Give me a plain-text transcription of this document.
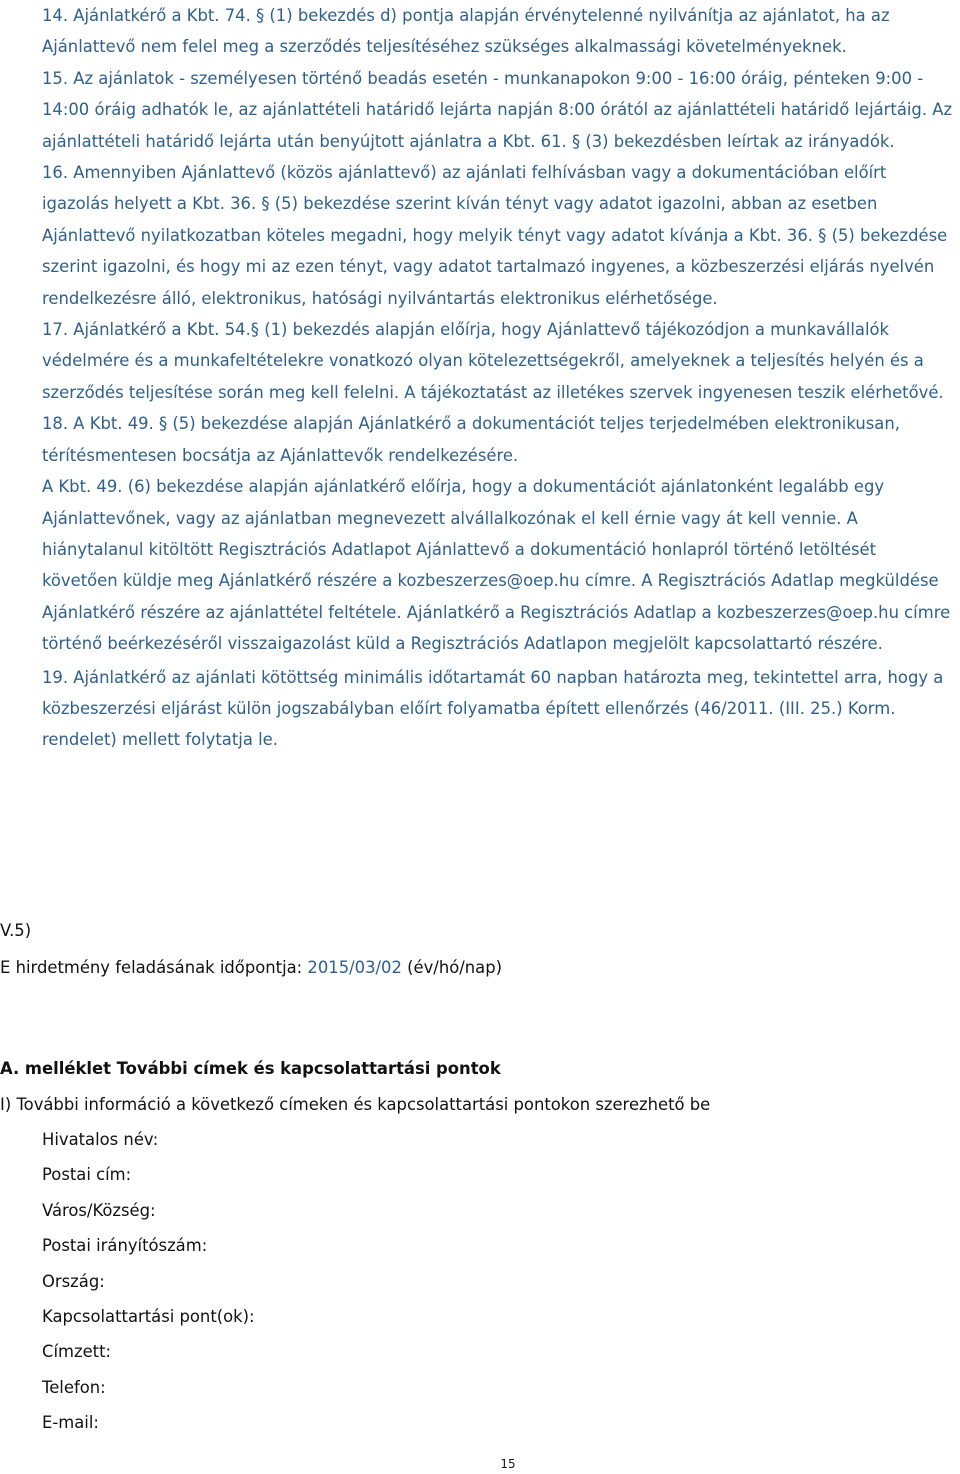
14. Ajánlatkérő a Kbt. 74. § (1) bekezdés d) pontja alapján érvénytelenné nyilvánítja az ajánlatot, ha az Ajánlattevő nem felel meg a szerződés teljesítéséhez szükséges alkalmassági követelményeknek.

15. Az ajánlatok - személyesen történő beadás esetén - munkanapokon 9:00 - 16:00 óráig, pénteken 9:00 - 14:00 óráig adhatók le, az ajánlattételi határidő lejárta napján 8:00 órától az ajánlattételi határidő lejártáig. Az ajánlattételi határidő lejárta után benyújtott ajánlatra a Kbt. 61. § (3) bekezdésben leírtak az irányadók.

16. Amennyiben Ajánlattevő (közös ajánlattevő) az ajánlati felhívásban vagy a dokumentációban előírt igazolás helyett a Kbt. 36. § (5) bekezdése szerint kíván tényt vagy adatot igazolni, abban az esetben Ajánlattevő nyilatkozatban köteles megadni, hogy melyik tényt vagy adatot kívánja a Kbt. 36. § (5) bekezdése szerint igazolni, és hogy mi az ezen tényt, vagy adatot tartalmazó ingyenes, a közbeszerzési eljárás nyelvén rendelkezésre álló, elektronikus, hatósági nyilvántartás elektronikus elérhetősége.

17. Ajánlatkérő a Kbt. 54.§ (1) bekezdés alapján előírja, hogy Ajánlattevő tájékozódjon a munkavállalók védelmére és a munkafeltételekre vonatkozó olyan kötelezettségekről, amelyeknek a teljesítés helyén és a szerződés teljesítése során meg kell felelni. A tájékoztatást az illetékes szervek ingyenesen teszik elérhetővé.

18. A Kbt. 49. § (5) bekezdése alapján Ajánlatkérő a dokumentációt teljes terjedelmében elektronikusan, térítésmentesen bocsátja az Ajánlattevők rendelkezésére.

A Kbt. 49. (6) bekezdése alapján ajánlatkérő előírja, hogy a dokumentációt ajánlatonként legalább egy Ajánlattevőnek, vagy az ajánlatban megnevezett alvállalkozónak el kell érnie vagy át kell vennie. A hiánytalanul kitöltött Regisztrációs Adatlapot Ajánlattevő a dokumentáció honlapról történő letöltését követően küldje meg Ajánlatkérő részére a kozbeszerzes@oep.hu címre. A Regisztrációs Adatlap megküldése Ajánlatkérő részére az ajánlattétel feltétele. Ajánlatkérő a Regisztrációs Adatlap a kozbeszerzes@oep.hu címre történő beérkezéséről visszaigazolást küld a Regisztrációs Adatlapon megjelölt kapcsolattartó részére.

19. Ajánlatkérő az ajánlati kötöttség minimális időtartamát 60 napban határozta meg, tekintettel arra, hogy a közbeszerzési eljárást külön jogszabályban előírt folyamatba épített ellenőrzés (46/2011. (III. 25.) Korm. rendelet) mellett folytatja le.

V.5)
E hirdetmény feladásának időpontja: 2015/03/02 (év/hó/nap)
A. melléklet További címek és kapcsolattartási pontok
I) További információ a következő címeken és kapcsolattartási pontokon szerezhető be
Hivatalos név:
Postai cím:
Város/Község:
Postai irányítószám:
Ország:
Kapcsolattartási pont(ok):
Címzett:
Telefon:
E-mail:
15
